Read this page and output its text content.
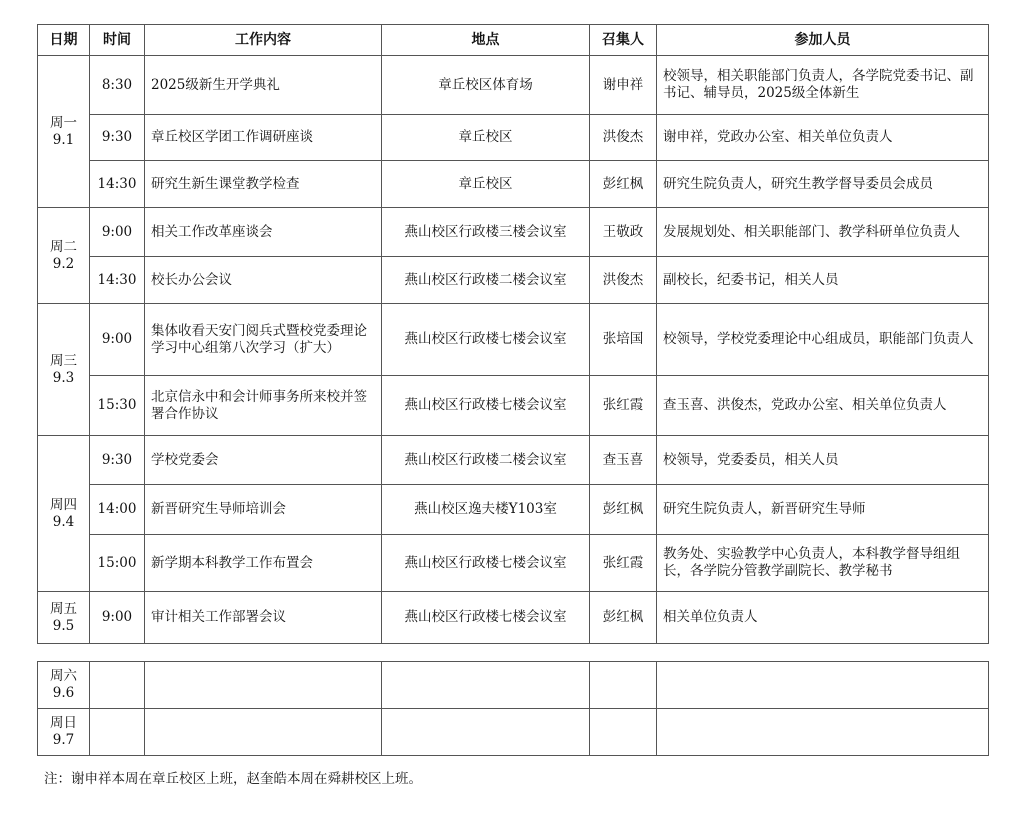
日期	时间	工作内容	地点	召集人	参加人员

周一
9.1	8:30	2025级新生开学典礼	章丘校区体育场	谢申祥	校领导，相关职能部门负责人，各学院党委书记、副书记、辅导员，2025级全体新生
	9:30	章丘校区学团工作调研座谈	章丘校区	洪俊杰	谢申祥，党政办公室、相关单位负责人
	14:30	研究生新生课堂教学检查	章丘校区	彭红枫	研究生院负责人，研究生教学督导委员会成员

周二
9.2	9:00	相关工作改革座谈会	燕山校区行政楼三楼会议室	王敬政	发展规划处、相关职能部门、教学科研单位负责人
	14:30	校长办公会议	燕山校区行政楼二楼会议室	洪俊杰	副校长，纪委书记，相关人员

周三
9.3	9:00	集体收看天安门阅兵式暨校党委理论学习中心组第八次学习（扩大）	燕山校区行政楼七楼会议室	张培国	校领导，学校党委理论中心组成员，职能部门负责人
	15:30	北京信永中和会计师事务所来校并签署合作协议	燕山校区行政楼七楼会议室	张红霞	查玉喜、洪俊杰，党政办公室、相关单位负责人

周四
9.4	9:30	学校党委会	燕山校区行政楼二楼会议室	查玉喜	校领导，党委委员，相关人员
	14:00	新晋研究生导师培训会	燕山校区逸夫楼Y103室	彭红枫	研究生院负责人，新晋研究生导师
	15:00	新学期本科教学工作布置会	燕山校区行政楼七楼会议室	张红霞	教务处、实验教学中心负责人，本科教学督导组组长，各学院分管教学副院长、教学秘书

周五
9.5	9:00	审计相关工作部署会议	燕山校区行政楼七楼会议室	彭红枫	相关单位负责人
周六
9.6					

周日
9.7					

注：谢申祥本周在章丘校区上班，赵奎皓本周在舜耕校区上班。
